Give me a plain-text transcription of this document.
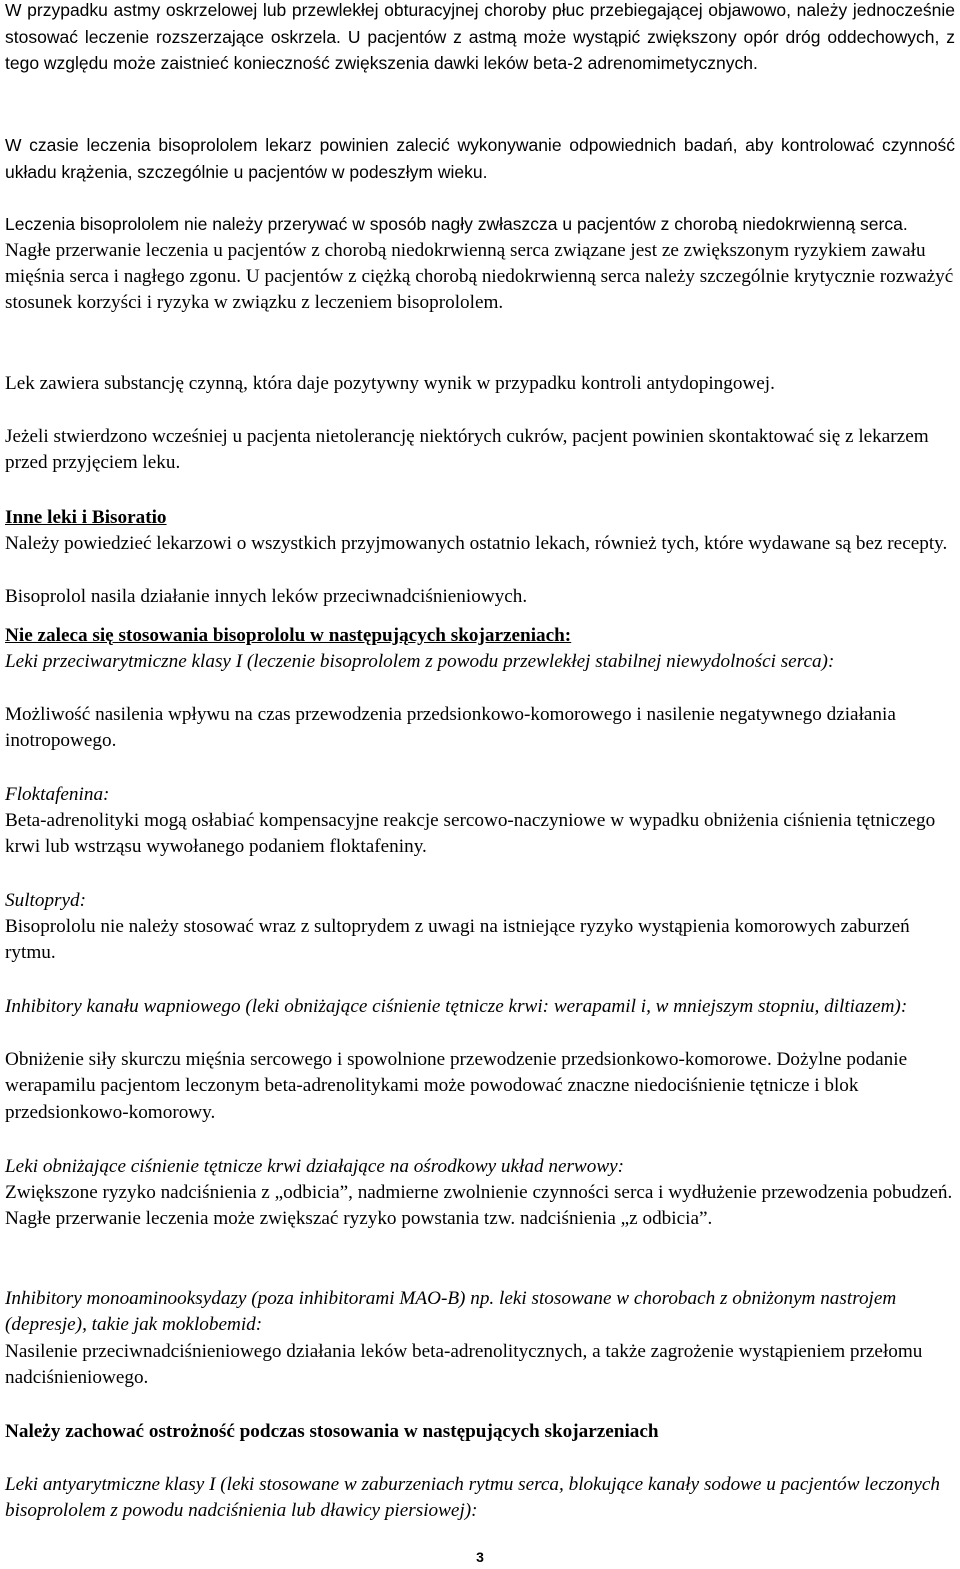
W przypadku astmy oskrzelowej lub przewlekłej obturacyjnej choroby płuc przebiegającej objawowo, należy jednocześnie stosować leczenie rozszerzające oskrzela. U pacjentów z astmą może wystąpić zwiększony opór dróg oddechowych, z tego względu może zaistnieć konieczność zwiększenia dawki leków beta-2 adrenomimetycznych.

W czasie leczenia bisoprololem lekarz powinien zalecić wykonywanie odpowiednich badań, aby kontrolować czynność układu krążenia, szczególnie u pacjentów w podeszłym wieku.

Leczenia bisoprololem nie należy przerywać w sposób nagły zwłaszcza u pacjentów z chorobą niedokrwienną serca.

Nagłe przerwanie leczenia u pacjentów z chorobą niedokrwienną serca związane jest ze zwiększonym ryzykiem zawału mięśnia serca i nagłego zgonu. U pacjentów z ciężką chorobą niedokrwienną serca należy szczególnie krytycznie rozważyć stosunek korzyści i ryzyka w związku z leczeniem bisoprololem.

Lek zawiera substancję czynną, która daje pozytywny wynik w przypadku kontroli antydopingowej.

Jeżeli stwierdzono wcześniej u pacjenta nietolerancję niektórych cukrów, pacjent powinien skontaktować się z lekarzem przed przyjęciem leku.

Inne leki i Bisoratio

Należy powiedzieć lekarzowi o wszystkich przyjmowanych ostatnio lekach, również tych, które wydawane są bez recepty.

Bisoprolol nasila działanie innych leków przeciwnadciśnieniowych.

Nie zaleca się stosowania bisoprololu w następujących skojarzeniach:

Leki przeciwarytmiczne klasy I (leczenie bisoprololem z powodu przewlekłej stabilnej niewydolności serca):

Możliwość nasilenia wpływu na czas przewodzenia przedsionkowo-komorowego i nasilenie negatywnego działania inotropowego.

Floktafenina:

Beta-adrenolityki mogą osłabiać kompensacyjne reakcje sercowo-naczyniowe w wypadku obniżenia ciśnienia tętniczego krwi lub wstrząsu wywołanego podaniem floktafeniny.

Sultopryd:

Bisoprololu nie należy stosować wraz z sultoprydem z uwagi na istniejące ryzyko wystąpienia komorowych zaburzeń rytmu.

Inhibitory kanału wapniowego (leki obniżające ciśnienie tętnicze krwi: werapamil i, w mniejszym stopniu, diltiazem):

Obniżenie siły skurczu mięśnia sercowego i spowolnione przewodzenie przedsionkowo-komorowe. Dożylne podanie werapamilu pacjentom leczonym beta-adrenolitykami może powodować znaczne niedociśnienie tętnicze i blok przedsionkowo-komorowy.

Leki obniżające ciśnienie tętnicze krwi działające na ośrodkowy układ nerwowy:

Zwiększone ryzyko nadciśnienia z „odbicia”, nadmierne zwolnienie czynności serca i wydłużenie przewodzenia pobudzeń. Nagłe przerwanie leczenia może zwiększać ryzyko powstania tzw. nadciśnienia „z odbicia”.

Inhibitory monoaminooksydazy (poza inhibitorami MAO-B) np. leki stosowane w chorobach z obniżonym nastrojem (depresje), takie jak moklobemid:

Nasilenie przeciwnadciśnieniowego działania leków beta-adrenolitycznych, a także zagrożenie wystąpieniem przełomu nadciśnieniowego.

Należy zachować ostrożność podczas stosowania w następujących skojarzeniach

Leki antyarytmiczne klasy I (leki stosowane w zaburzeniach rytmu serca, blokujące kanały sodowe u pacjentów leczonych bisoprololem z powodu nadciśnienia lub dławicy piersiowej):

3
